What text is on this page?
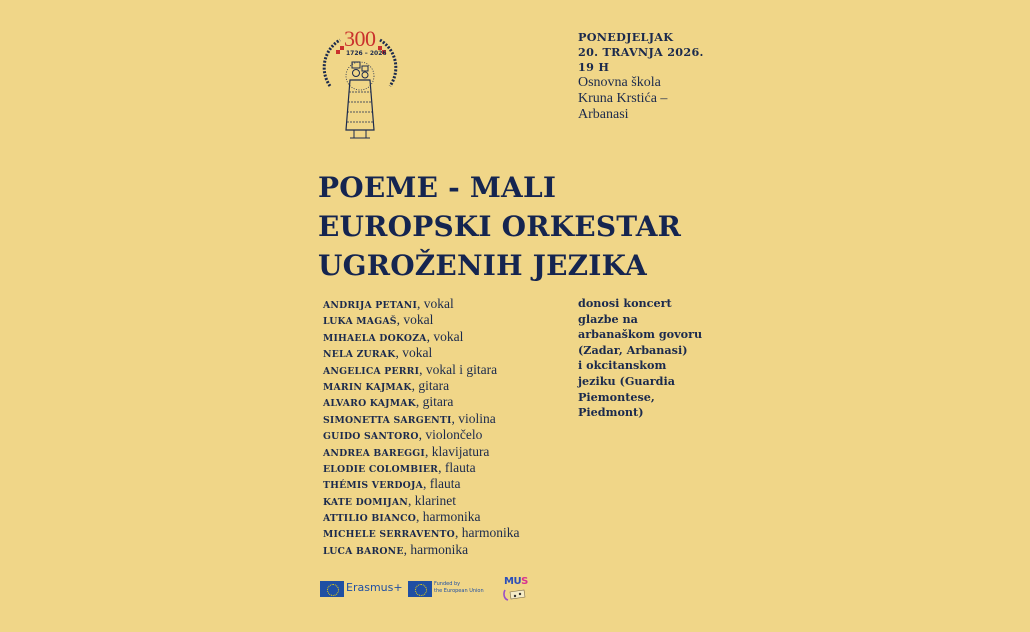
300
1726 – 2026
PONEDJELJAK
20. TRAVNJA 2026.
19 H
Osnovna škola
Kruna Krstića –
Arbanasi
POEME - MALI
EUROPSKI ORKESTAR
UGROŽENIH JEZIKA
ANDRIJA PETANI, vokal
LUKA MAGAŠ, vokal
MIHAELA DOKOZA, vokal
NELA ZURAK, vokal
ANGELICA PERRI, vokal i gitara
MARIN KAJMAK, gitara
ALVARO KAJMAK, gitara
SIMONETTA SARGENTI, violina
GUIDO SANTORO, violončelo
ANDREA BAREGGI, klavijatura
ELODIE COLOMBIER, flauta
THÉMIS VERDOJA, flauta
KATE DOMIJAN, klarinet
ATTILIO BIANCO, harmonika
MICHELE SERRAVENTO, harmonika
LUCA BARONE, harmonika
donosi koncert
glazbe na
arbanaškom govoru
(Zadar, Arbanasi)
i okcitanskom
jeziku (Guardia
Piemontese,
Piedmont)
Erasmus+	Funded by
the European Union
MUS
